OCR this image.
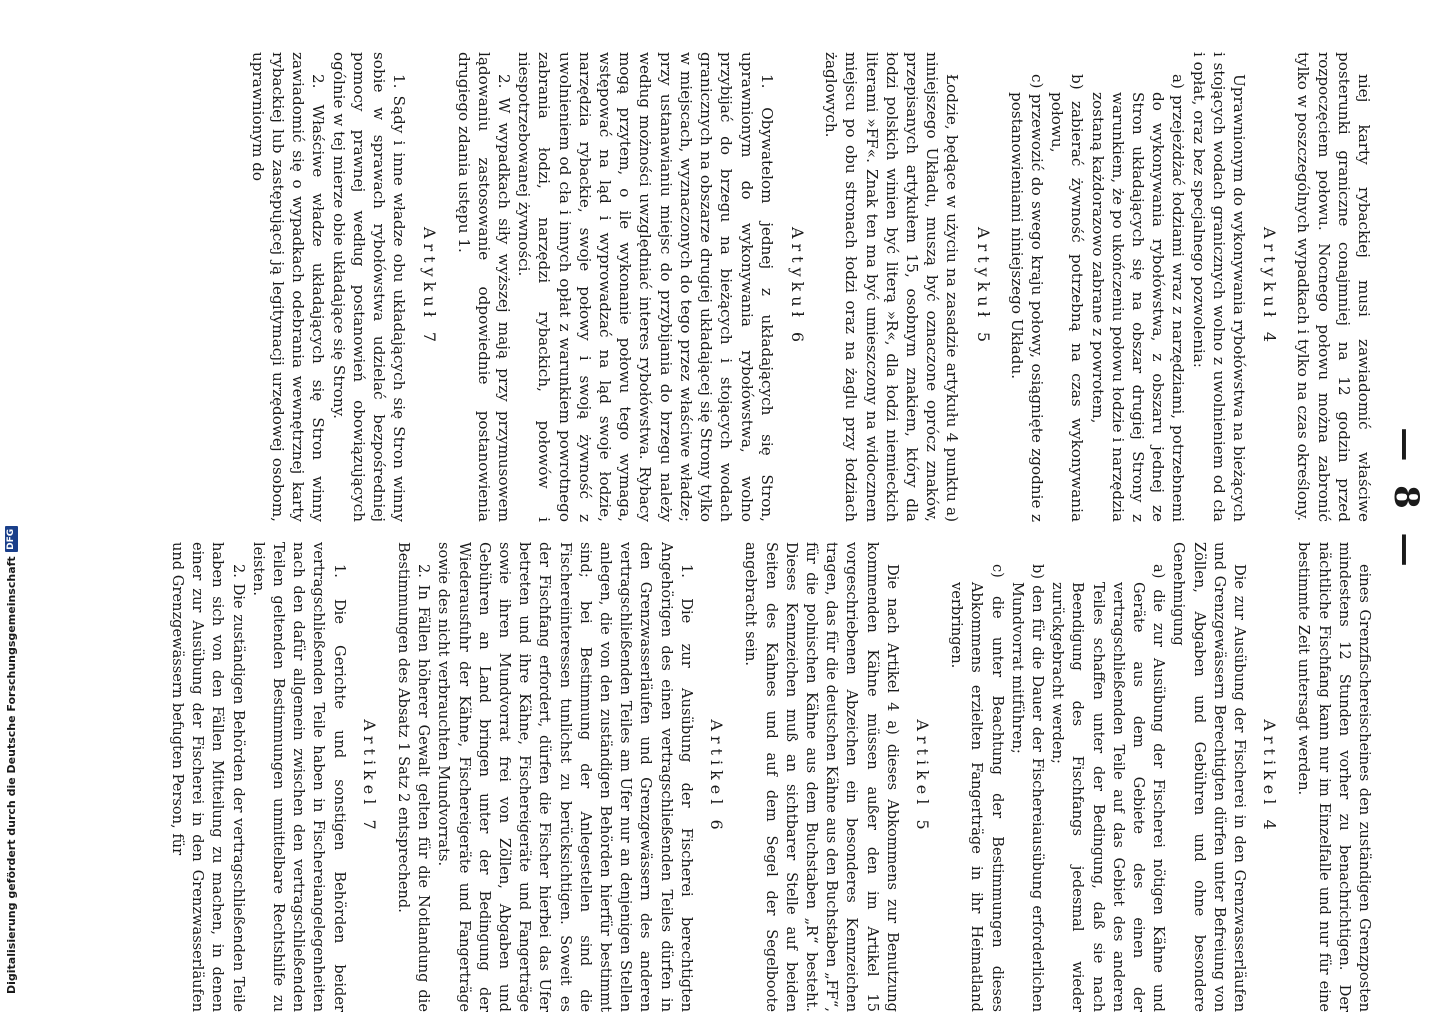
— 8 —

niej karty rybackiej musi zawiadomić właściwe posterunki graniczne conajmniej na 12 godzin przed rozpoczęciem połowu. Nocnego połowu można zabronić tylko w poszczególnych wypadkach i tylko na czas określony.

Artykuł 4

Uprawnionym do wykonywania rybołówstwa na bieżących i stojących wodach granicznych wolno z uwolnieniem od cła i opłat, oraz bez specjalnego pozwolenia:

a) przejeżdżać łodziami wraz z narzędziami, potrzebnemi do wykonywania rybołówstwa, z obszaru jednej ze Stron układających się na obszar drugiej Strony z warunkiem, że po ukończeniu połowu łodzie i narzędzia zostaną każdorazowo zabrane z powrotem,

b) zabierać żywność potrzebną na czas wykonywania połowu,

c) przewozić do swego kraju połowy, osiągnięte zgodnie z postanowieniami niniejszego Układu.

Artykuł 5

Łodzie, będące w użyciu na zasadzie artykułu 4 punktu a) niniejszego Układu, muszą być oznaczone oprócz znaków, przepisanych artykułem 15, osobnym znakiem, który dla łodzi polskich winien być literą »R«, dla łodzi niemieckich literami »FF«. Znak ten ma być umieszczony na widocznem miejscu po obu stronach łodzi oraz na żaglu przy łodziach żaglowych.

Artykuł 6

1. Obywatelom jednej z układających się Stron, uprawnionym do wykonywania rybołówstwa, wolno przybijać do brzegu na bieżących i stojących wodach granicznych na obszarze drugiej układającej się Strony tylko w miejscach, wyznaczonych do tego przez właściwe władze; przy ustanawianiu miejsc do przybijania do brzegu należy według możności uwzględniać interes rybołówstwa. Rybacy mogą przytem, o ile wykonanie połowu tego wymaga, wstępować na ląd i wyprowadzać na ląd swoje łodzie, narzędzia rybackie, swoje połowy i swoją żywność z uwolnieniem od cła i innych opłat z warunkiem powrotnego zabrania łodzi, narzędzi rybackich, połowów i niespotrzebowanej żywności.

2. W wypadkach siły wyższej mają przy przymusowem lądowaniu zastosowanie odpowiednie postanowienia drugiego zdania ustępu 1.

Artykuł 7

1. Sądy i inne władze obu układających się Stron winny sobie w sprawach rybołówstwa udzielać bezpośredniej pomocy prawnej według postanowień obowiązujących ogólnie w tej mierze obie układające się Strony.

2. Właściwe władze układających się Stron winny zawiadomić się o wypadkach odebrania wewnętrznej karty rybackiej lub zastępującej ją legitymacji urzędowej osobom, uprawnionym do

eines Grenzfischereischeines den zuständigen Grenzposten mindestens 12 Stunden vorher zu benachrichtigen. Der nächtliche Fischfang kann nur im Einzelfalle und nur für eine bestimmte Zeit untersagt werden.

Artikel 4

Die zur Ausübung der Fischerei in den Grenzwasserläufen und Grenzgewässern Berechtigten dürfen unter Befreiung von Zöllen, Abgaben und Gebühren und ohne besondere Genehmigung

a) die zur Ausübung der Fischerei nötigen Kähne und Geräte aus dem Gebiete des einen der vertragschließenden Teile auf das Gebiet des anderen Teiles schaffen unter der Bedingung, daß sie nach Beendigung des Fischfangs jedesmal wieder zurückgebracht werden;

b) den für die Dauer der Fischereiausübung erforderlichen Mundvorrat mitführen;

c) die unter Beachtung der Bestimmungen dieses Abkommens erzielten Fangerträge in ihr Heimatland verbringen.

Artikel 5

Die nach Artikel 4 a) dieses Abkommens zur Benutzung kommenden Kähne müssen außer den im Artikel 15 vorgeschriebenen Abzeichen ein besonderes Kennzeichen tragen, das für die deutschen Kähne aus den Buchstaben „FF“, für die polnischen Kähne aus dem Buchstaben „R“ besteht. Dieses Kennzeichen muß an sichtbarer Stelle auf beiden Seiten des Kahnes und auf dem Segel der Segelboote angebracht sein.

Artikel 6

1. Die zur Ausübung der Fischerei berechtigten Angehörigen des einen vertragschließenden Teiles dürfen in den Grenzwasserläufen und Grenzgewässern des anderen vertragschließenden Teiles am Ufer nur an denjenigen Stellen anlegen, die von den zuständigen Behörden hierfür bestimmt sind; bei Bestimmung der Anlegestellen sind die Fischereiinteressen tunlichst zu berücksichtigen. Soweit es der Fischfang erfordert, dürfen die Fischer hierbei das Ufer betreten und ihre Kähne, Fischereigeräte und Fangerträge sowie ihren Mundvorrat frei von Zöllen, Abgaben und Gebühren an Land bringen unter der Bedingung der Wiederausfuhr der Kähne, Fischereigeräte und Fangerträge sowie des nicht verbrauchten Mundvorrats.

2. In Fällen höherer Gewalt gelten für die Notlandung die Bestimmungen des Absatz 1 Satz 2 entsprechend.

Artikel 7

1. Die Gerichte und sonstigen Behörden beider vertragschließenden Teile haben in Fischereiangelegenheiten nach den dafür allgemein zwischen den vertragschließenden Teilen geltenden Bestimmungen unmittelbare Rechtshilfe zu leisten.

2. Die zuständigen Behörden der vertragschließenden Teile haben sich von den Fällen Mitteilung zu machen, in denen einer zur Ausübung der Fischerei in den Grenzwasserläufen und Grenzgewässern befugten Person, für

Digitalisierung gefördert durch die Deutsche Forschungsgemeinschaft
DFG
